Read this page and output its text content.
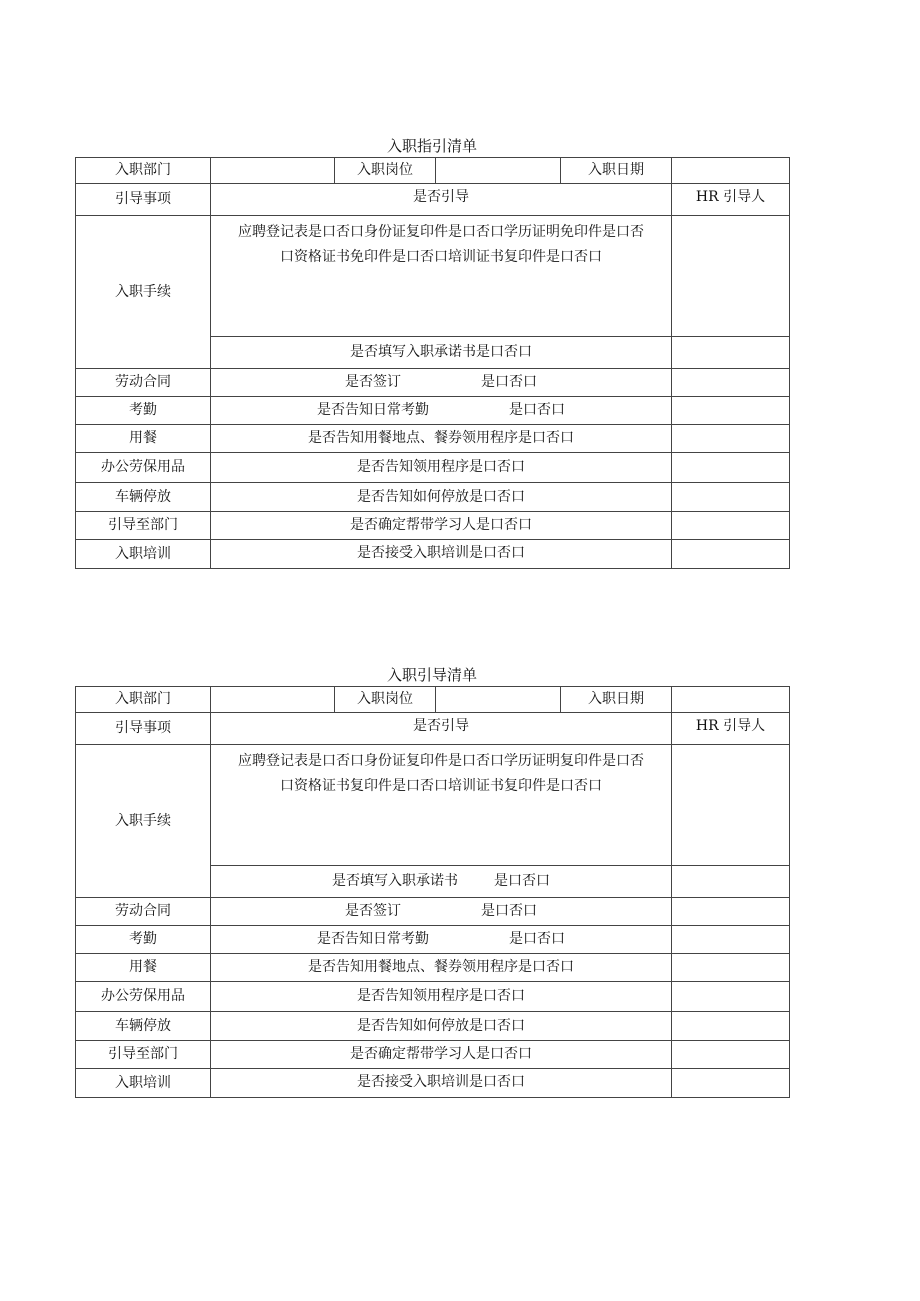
入职指引清单
入职部门		入职岗位		入职日期	
引导事项	是否引导				HR 引导人
入职手续	应聘登记表是口否口身份证复印件是口否口学历证明免印件是口否
口资格证书免印件是口否口培训证书复印件是口否口				

	是否填写入职承诺书是口否口				
劳动合同	是否签订 是口否口				
考勤	是否告知日常考勤 是口否口				
用餐	是否告知用餐地点、餐券领用程序是口否口				
办公劳保用品	是否告知领用程序是口否口				
车辆停放	是否告知如何停放是口否口				
引导至部门	是否确定帮带学习人是口否口				
入职培训	是否接受入职培训是口否口				
入职引导清单
入职部门		入职岗位		入职日期	
引导事项	是否引导				HR 引导人
入职手续	应聘登记表是口否口身份证复印件是口否口学历证明复印件是口否
口资格证书复印件是口否口培训证书复印件是口否口				

	是否填写入职承诺书 是口否口				
劳动合同	是否签订 是口否口				
考勤	是否告知日常考勤 是口否口				
用餐	是否告知用餐地点、餐券领用程序是口否口				
办公劳保用品	是否告知领用程序是口否口				
车辆停放	是否告知如何停放是口否口				
引导至部门	是否确定帮带学习人是口否口				
入职培训	是否接受入职培训是口否口				
